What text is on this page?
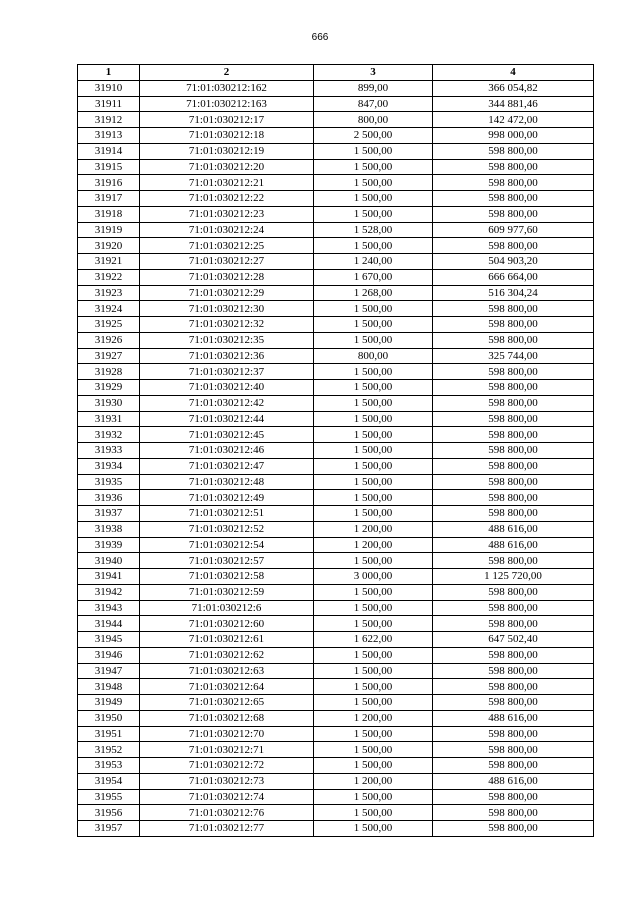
666
1	2	3	4
31910	71:01:030212:162	899,00	366 054,82
31911	71:01:030212:163	847,00	344 881,46
31912	71:01:030212:17	800,00	142 472,00
31913	71:01:030212:18	2 500,00	998 000,00
31914	71:01:030212:19	1 500,00	598 800,00
31915	71:01:030212:20	1 500,00	598 800,00
31916	71:01:030212:21	1 500,00	598 800,00
31917	71:01:030212:22	1 500,00	598 800,00
31918	71:01:030212:23	1 500,00	598 800,00
31919	71:01:030212:24	1 528,00	609 977,60
31920	71:01:030212:25	1 500,00	598 800,00
31921	71:01:030212:27	1 240,00	504 903,20
31922	71:01:030212:28	1 670,00	666 664,00
31923	71:01:030212:29	1 268,00	516 304,24
31924	71:01:030212:30	1 500,00	598 800,00
31925	71:01:030212:32	1 500,00	598 800,00
31926	71:01:030212:35	1 500,00	598 800,00
31927	71:01:030212:36	800,00	325 744,00
31928	71:01:030212:37	1 500,00	598 800,00
31929	71:01:030212:40	1 500,00	598 800,00
31930	71:01:030212:42	1 500,00	598 800,00
31931	71:01:030212:44	1 500,00	598 800,00
31932	71:01:030212:45	1 500,00	598 800,00
31933	71:01:030212:46	1 500,00	598 800,00
31934	71:01:030212:47	1 500,00	598 800,00
31935	71:01:030212:48	1 500,00	598 800,00
31936	71:01:030212:49	1 500,00	598 800,00
31937	71:01:030212:51	1 500,00	598 800,00
31938	71:01:030212:52	1 200,00	488 616,00
31939	71:01:030212:54	1 200,00	488 616,00
31940	71:01:030212:57	1 500,00	598 800,00
31941	71:01:030212:58	3 000,00	1 125 720,00
31942	71:01:030212:59	1 500,00	598 800,00
31943	71:01:030212:6	1 500,00	598 800,00
31944	71:01:030212:60	1 500,00	598 800,00
31945	71:01:030212:61	1 622,00	647 502,40
31946	71:01:030212:62	1 500,00	598 800,00
31947	71:01:030212:63	1 500,00	598 800,00
31948	71:01:030212:64	1 500,00	598 800,00
31949	71:01:030212:65	1 500,00	598 800,00
31950	71:01:030212:68	1 200,00	488 616,00
31951	71:01:030212:70	1 500,00	598 800,00
31952	71:01:030212:71	1 500,00	598 800,00
31953	71:01:030212:72	1 500,00	598 800,00
31954	71:01:030212:73	1 200,00	488 616,00
31955	71:01:030212:74	1 500,00	598 800,00
31956	71:01:030212:76	1 500,00	598 800,00
31957	71:01:030212:77	1 500,00	598 800,00
